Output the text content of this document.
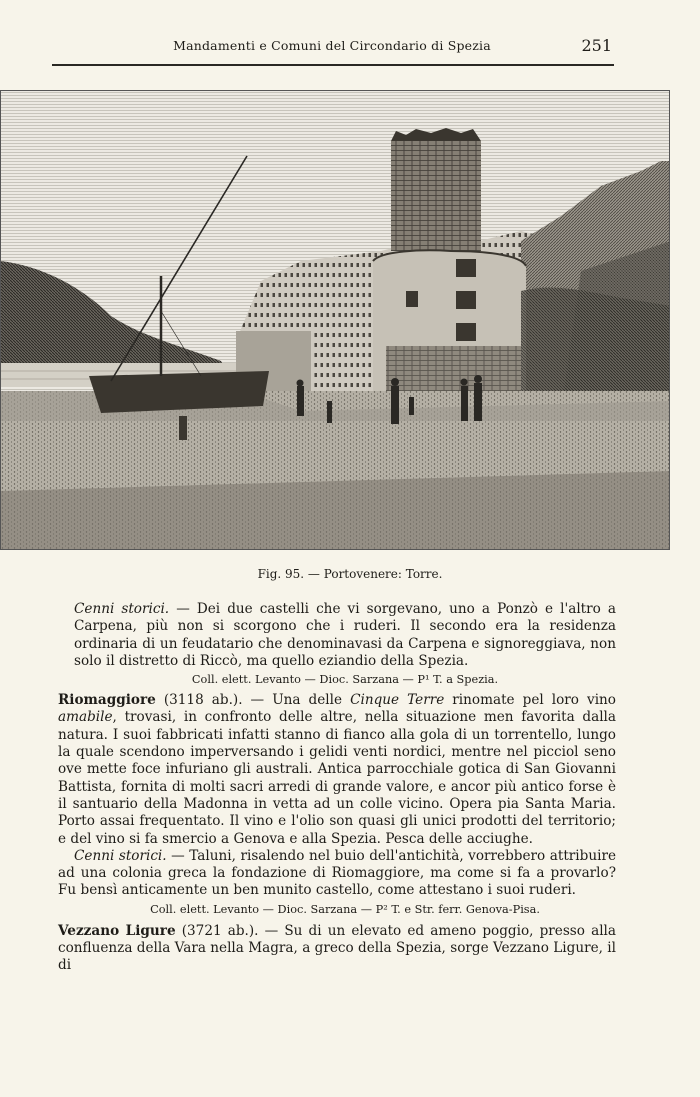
Mandamenti e Comuni del Circondario di Spezia	251
Fig. 95. — Portovenere: Torre.

Cenni storici. — Dei due castelli che vi sorgevano, uno a Ponzò e l'altro a Carpena, più non si scorgono che i ruderi. Il secondo era la residenza ordinaria di un feudatario che denominavasi da Carpena e signoreggiava, non solo il distretto di Riccò, ma quello eziandio della Spezia.

Coll. elett. Levanto — Dioc. Sarzana — P¹ T. a Spezia.

Riomaggiore (3118 ab.). — Una delle Cinque Terre rinomate pel loro vino amabile, trovasi, in confronto delle altre, nella situazione men favorita dalla natura. I suoi fabbricati infatti stanno di fianco alla gola di un torrentello, lungo la quale scendono imperversando i gelidi venti nordici, mentre nel picciol seno ove mette foce infuriano gli australi. Antica parrocchiale gotica di San Giovanni Battista, fornita di molti sacri arredi di grande valore, e ancor più antico forse è il santuario della Madonna in vetta ad un colle vicino. Opera pia Santa Maria. Porto assai frequentato. Il vino e l'olio son quasi gli unici prodotti del territorio; e del vino si fa smercio a Genova e alla Spezia. Pesca delle acciughe.

Cenni storici. — Taluni, risalendo nel buio dell'antichità, vorrebbero attribuire ad una colonia greca la fondazione di Riomaggiore, ma come si fa a provarlo? Fu bensì anticamente un ben munito castello, come attestano i suoi ruderi.

Coll. elett. Levanto — Dioc. Sarzana — P² T. e Str. ferr. Genova-Pisa.

Vezzano Ligure (3721 ab.). — Su di un elevato ed ameno poggio, presso alla confluenza della Vara nella Magra, a greco della Spezia, sorge Vezzano Ligure, il di
